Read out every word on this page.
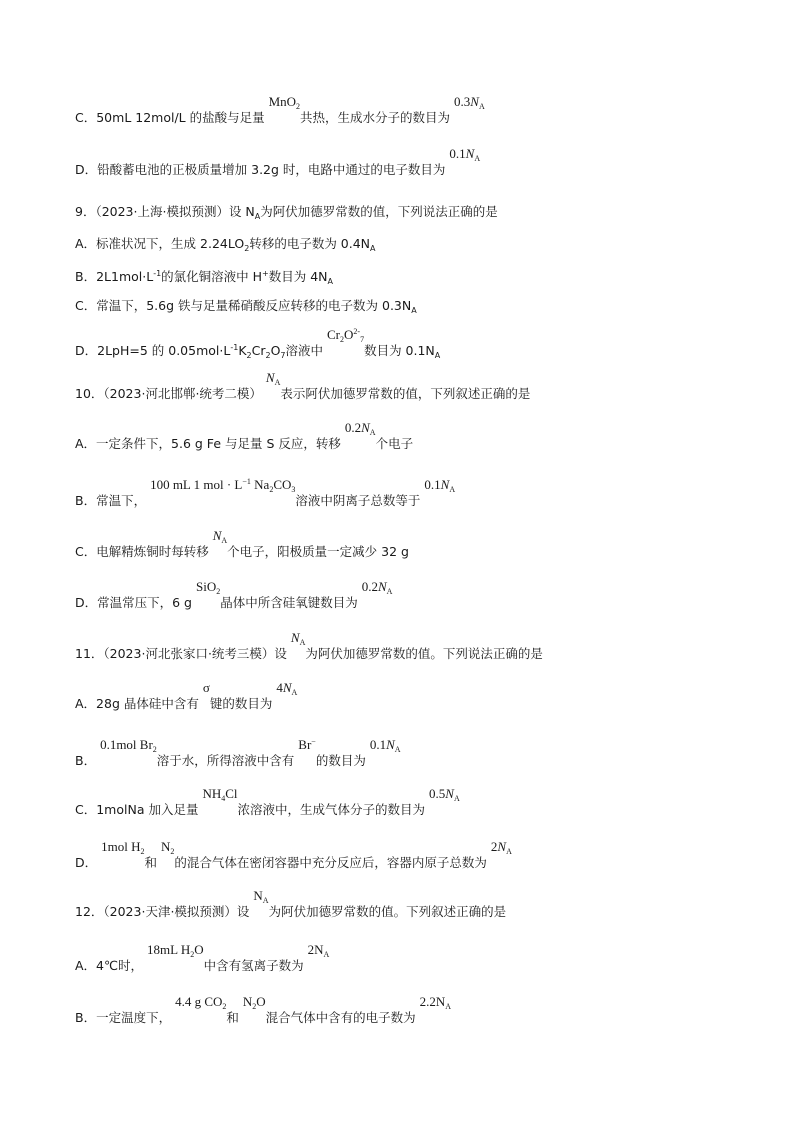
C．50mL 12mol/L 的盐酸与足量 MnO$_2$共热，生成水分子的数目为 $0.3N_A$
D．铅酸蓄电池的正极质量增加 3.2g 时，电路中通过的电子数目为 $0.1N_A$
9．（2023·上海·模拟预测）设 $N_A$为阿伏加德罗常数的值，下列说法正确的是
A．标准状况下，生成 $2.24LO_2$转移的电子数为 $0.4N_A$
B．$2L1mol\cdot L^{-1}$的氯化铜溶液中 H+数目为 $4N_A$
C．常温下，5.6g 铁与足量稀硝酸反应转移的电子数为 $0.3N_A$
D．2LpH=5 的 $0.05mol\cdot L^{-1}K_2Cr_2O_7$溶液中 $Cr_2O^{2-}_7$数目为 $0.1N_A$
10．（2023·河北邯郸·统考二模） $N_A$表示阿伏加德罗常数的值，下列叙述正确的是
A．一定条件下，5.6 g Fe 与足量 S 反应，转移 $0.2N_A$个电子
B．常温下， 100 mL 1 mol · $L^{-1}$ $Na_2CO_3$溶液中阴离子总数等于 $0.1N_A$
C．电解精炼铜时每转移 $N_A$个电子，阳极质量一定减少 32 g
D．常温常压下，6 g SiO$_2$晶体中所含硅氧键数目为 $0.2N_A$
11．（2023·河北张家口·统考三模）设 $N_A$为阿伏加德罗常数的值。下列说法正确的是
A．28g 晶体硅中含有 σ键的数目为 $4N_A$
B． 0.1mol $Br_2$溶于水，所得溶液中含有 Br−的数目为 $0.1N_A$
C．1molNa 加入足量 $NH_4Cl$浓溶液中，生成气体分子的数目为 $0.5N_A$
D． 1mol $H_2$和 $N_2$的混合气体在密闭容器中充分反应后，容器内原子总数为 $2N_A$
12．（2023·天津·模拟预测）设 $N_A$为阿伏加德罗常数的值。下列叙述正确的是
A．4℃时， 18mL $H_2O$中含有氢离子数为 $2N_A$
B．一定温度下， 4.4 g $CO_2$和 $N_2O$混合气体中含有的电子数为 $2.2N_A$
